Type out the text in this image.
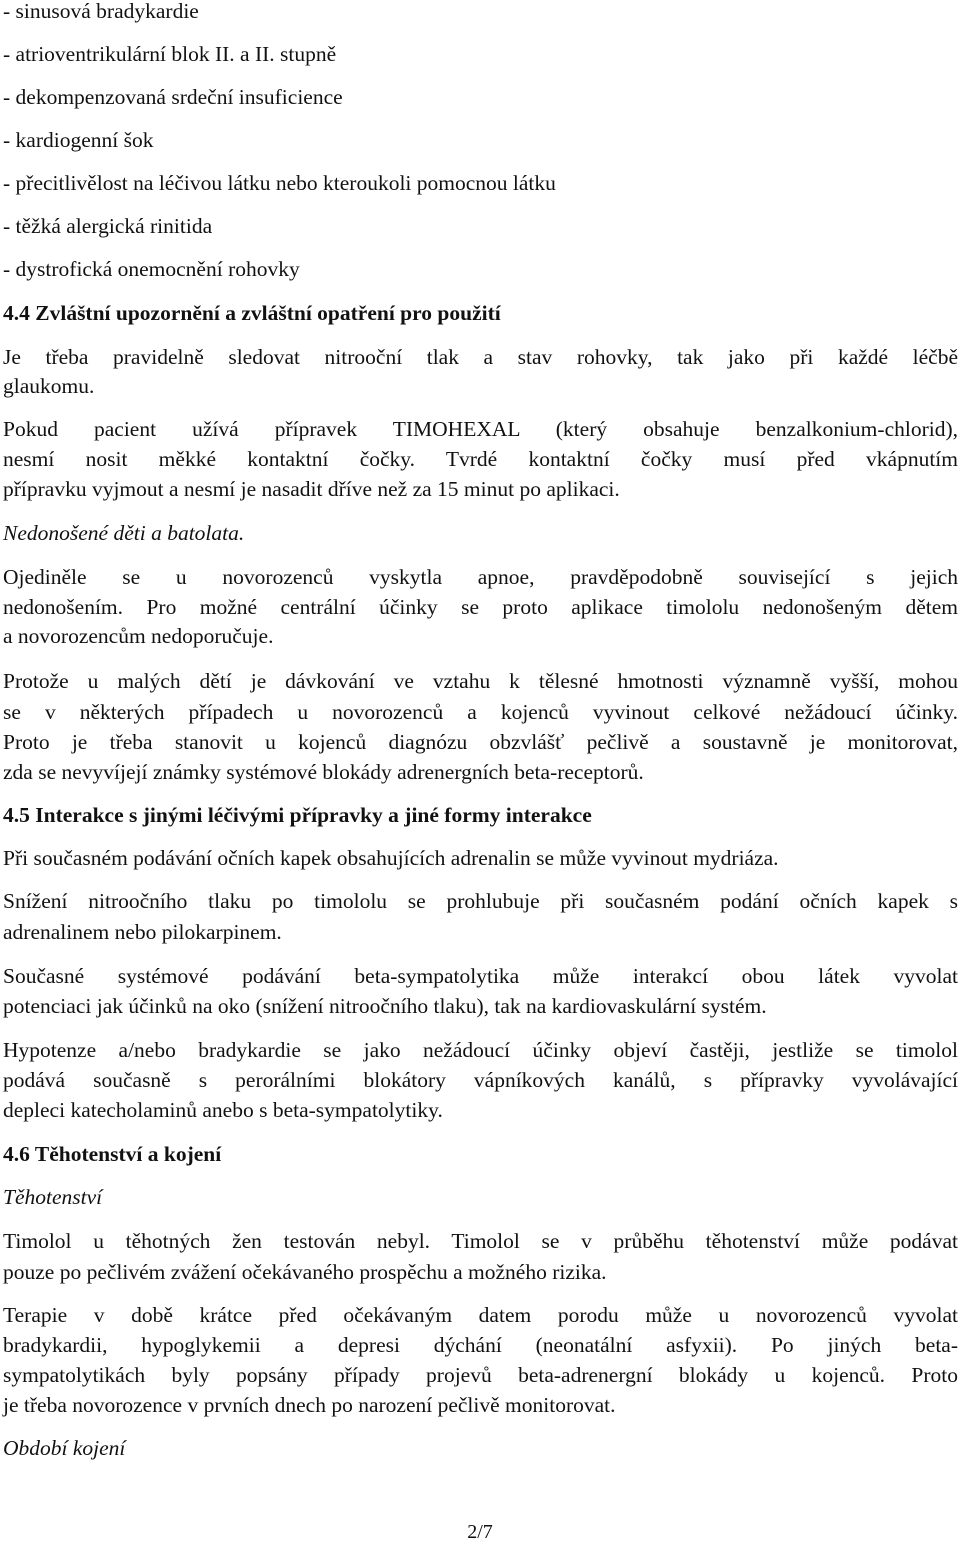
- sinusová bradykardie
- atrioventrikulární blok II. a II. stupně
- dekompenzovaná srdeční insuficience
- kardiogenní šok
- přecitlivělost na léčivou látku nebo kteroukoli pomocnou látku
- těžká alergická rinitida
- dystrofická onemocnění rohovky
4.4 Zvláštní upozornění a zvláštní opatření pro použití
Je třeba pravidelně sledovat nitrooční tlak a stav rohovky, tak jako při každé léčbě
glaukomu.
Pokud pacient užívá přípravek TIMOHEXAL (který obsahuje benzalkonium-chlorid),
nesmí nosit měkké kontaktní čočky. Tvrdé kontaktní čočky musí před vkápnutím
přípravku vyjmout a nesmí je nasadit dříve než za 15 minut po aplikaci.
Nedonošené děti a batolata.
Ojediněle se u novorozenců vyskytla apnoe, pravděpodobně související s jejich
nedonošením. Pro možné centrální účinky se proto aplikace timololu nedonošeným dětem
a novorozencům nedoporučuje.
Protože u malých dětí je dávkování ve vztahu k tělesné hmotnosti významně vyšší, mohou
se v některých případech u novorozenců a kojenců vyvinout celkové nežádoucí účinky.
Proto je třeba stanovit u kojenců diagnózu obzvlášť pečlivě a soustavně je monitorovat,
zda se nevyvíjejí známky systémové blokády adrenergních beta-receptorů.
4.5 Interakce s jinými léčivými přípravky a jiné formy interakce
Při současném podávání očních kapek obsahujících adrenalin se může vyvinout mydriáza.
Snížení nitroočního tlaku po timololu se prohlubuje při současném podání očních kapek s
adrenalinem nebo pilokarpinem.
Současné systémové podávání beta-sympatolytika může interakcí obou látek vyvolat
potenciaci jak účinků na oko (snížení nitroočního tlaku), tak na kardiovaskulární systém.
Hypotenze a/nebo bradykardie se jako nežádoucí účinky objeví častěji, jestliže se timolol
podává současně s perorálními blokátory vápníkových kanálů, s přípravky vyvolávající
depleci katecholaminů anebo s beta-sympatolytiky.
4.6 Těhotenství a kojení
Těhotenství
Timolol u těhotných žen testován nebyl. Timolol se v průběhu těhotenství může podávat
pouze po pečlivém zvážení očekávaného prospěchu a možného rizika.
Terapie v době krátce před očekávaným datem porodu může u novorozenců vyvolat
bradykardii, hypoglykemii a depresi dýchání (neonatální asfyxii). Po jiných beta-
sympatolytikách byly popsány případy projevů beta-adrenergní blokády u kojenců. Proto
je třeba novorozence v prvních dnech po narození pečlivě monitorovat.
Období kojení
2/7
